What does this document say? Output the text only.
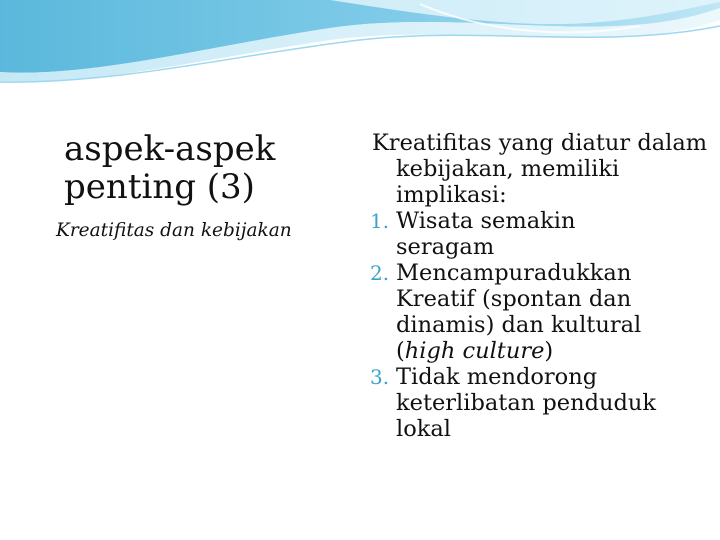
aspek-aspek
penting (3)

Kreatifitas dan kebijakan

Kreatifitas yang diatur dalam kebijakan, memiliki implikasi:

1. Wisata semakin
seragam
2. Mencampuradukkan
Kreatif (spontan dan
dinamis) dan kultural
(high culture)
3. Tidak mendorong
keterlibatan penduduk
lokal
